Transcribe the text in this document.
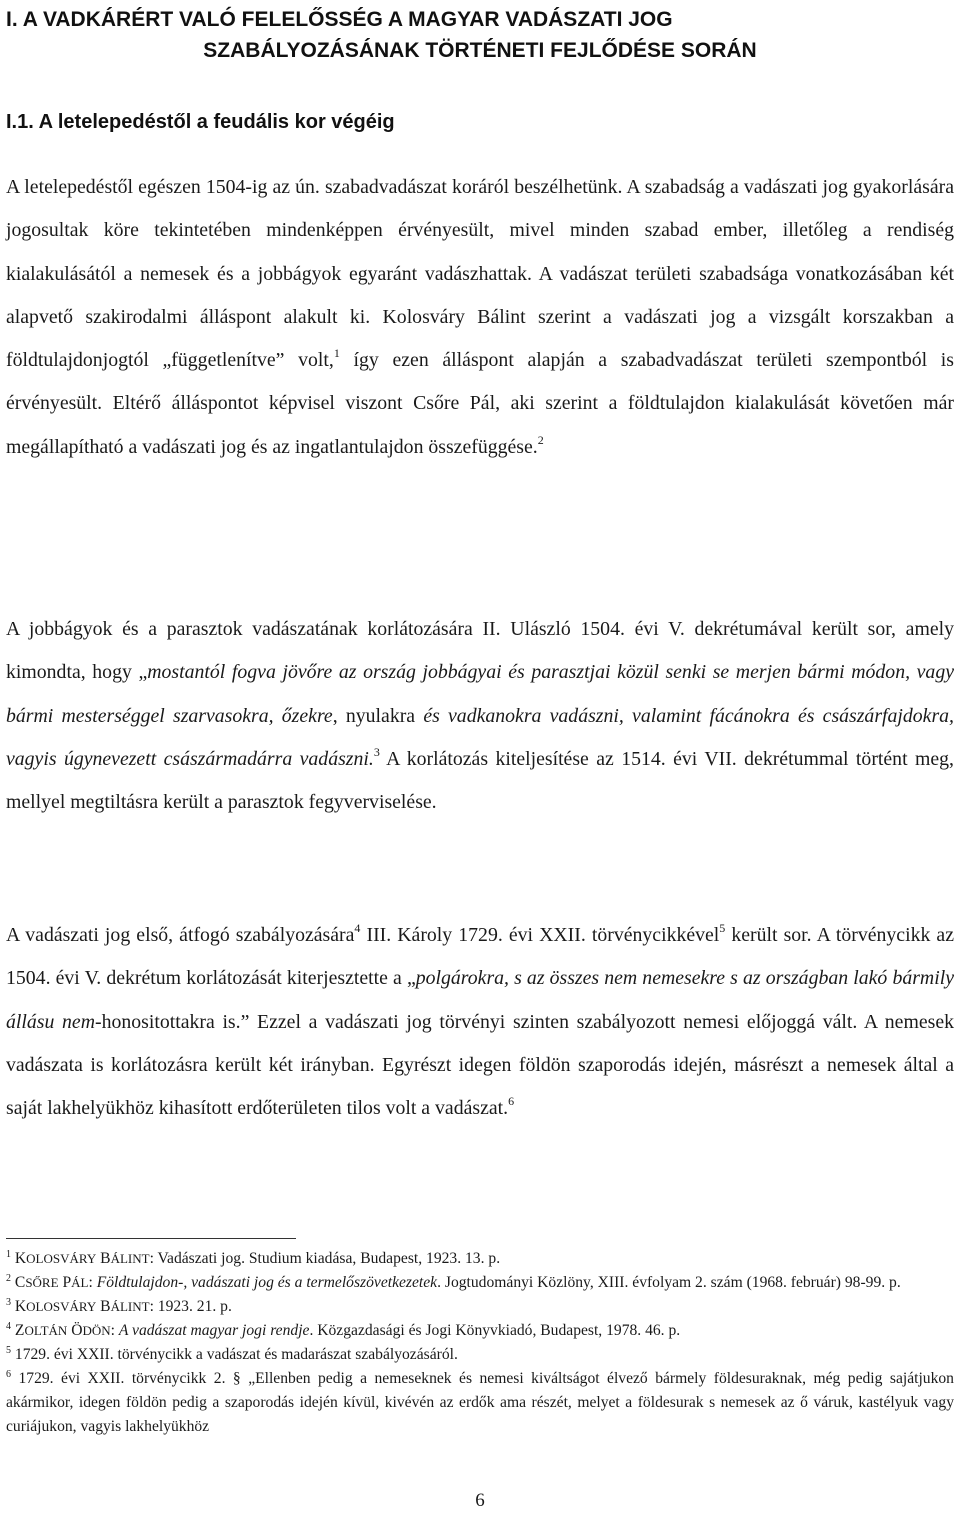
I. A VADKÁRÉRT VALÓ FELELŐSSÉG A MAGYAR VADÁSZATI JOG
SZABÁLYOZÁSÁNAK TÖRTÉNETI FEJLŐDÉSE SORÁN
I.1. A letelepedéstől a feudális kor végéig

A letelepedéstől egészen 1504-ig az ún. szabadvadászat koráról beszélhetünk. A szabadság a vadászati jog gyakorlására jogosultak köre tekintetében mindenképpen érvényesült, mivel minden szabad ember, illetőleg a rendiség kialakulásától a nemesek és a jobbágyok egyaránt vadászhattak. A vadászat területi szabadsága vonatkozásában két alapvető szakirodalmi álláspont alakult ki. Kolosváry Bálint szerint a vadászati jog a vizsgált korszakban a földtulajdonjogtól „függetlenítve” volt,$^1$ így ezen álláspont alapján a szabadvadászat területi szempontból is érvényesült. Eltérő álláspontot képvisel viszont Csőre Pál, aki szerint a földtulajdon kialakulását követően már megállapítható a vadászati jog és az ingatlantulajdon összefüggése.$^2$

A jobbágyok és a parasztok vadászatának korlátozására II. Ulászló 1504. évi V. dekrétumával került sor, amely kimondta, hogy „mostantól fogva jövőre az ország jobbágyai és parasztjai közül senki se merjen bármi módon, vagy bármi mesterséggel szarvasokra, őzekre, nyulakra és vadkanokra vadászni, valamint fácánokra és császárfajdokra, vagyis úgynevezett császármadárra vadászni.$^3$ A korlátozás kiteljesítése az 1514. évi VII. dekrétummal történt meg, mellyel megtiltásra került a parasztok fegyverviselése.

A vadászati jog első, átfogó szabályozására$^4$ III. Károly 1729. évi XXII. törvénycikkével$^5$ került sor. A törvénycikk az 1504. évi V. dekrétum korlátozását kiterjesztette a „polgárokra, s az összes nem nemesekre s az országban lakó bármily állásu nem-honositottakra is.” Ezzel a vadászati jog törvényi szinten szabályozott nemesi előjoggá vált. A nemesek vadászata is korlátozásra került két irányban. Egyrészt idegen földön szaporodás idején, másrészt a nemesek által a saját lakhelyükhöz kihasított erdőterületen tilos volt a vadászat.$^6$

$^1$ KOLOSVÁRY BÁLINT: Vadászati jog. Studium kiadása, Budapest, 1923. 13. p.

$^2$ CSŐRE PÁL: Földtulajdon-, vadászati jog és a termelőszövetkezetek. Jogtudományi Közlöny, XIII. évfolyam 2. szám (1968. február) 98-99. p.

$^3$ KOLOSVÁRY BÁLINT: 1923. 21. p.

$^4$ ZOLTÁN ÖDÖN: A vadászat magyar jogi rendje. Közgazdasági és Jogi Könyvkiadó, Budapest, 1978. 46. p.

$^5$ 1729. évi XXII. törvénycikk a vadászat és madarászat szabályozásáról.

$^6$ 1729. évi XXII. törvénycikk 2. § „Ellenben pedig a nemeseknek és nemesi kiváltságot élvező bármely földesuraknak, még pedig sajátjukon akármikor, idegen földön pedig a szaporodás idején kívül, kivévén az erdők ama részét, melyet a földesurak s nemesek az ő váruk, kastélyuk vagy curiájukon, vagyis lakhelyükhöz

6
